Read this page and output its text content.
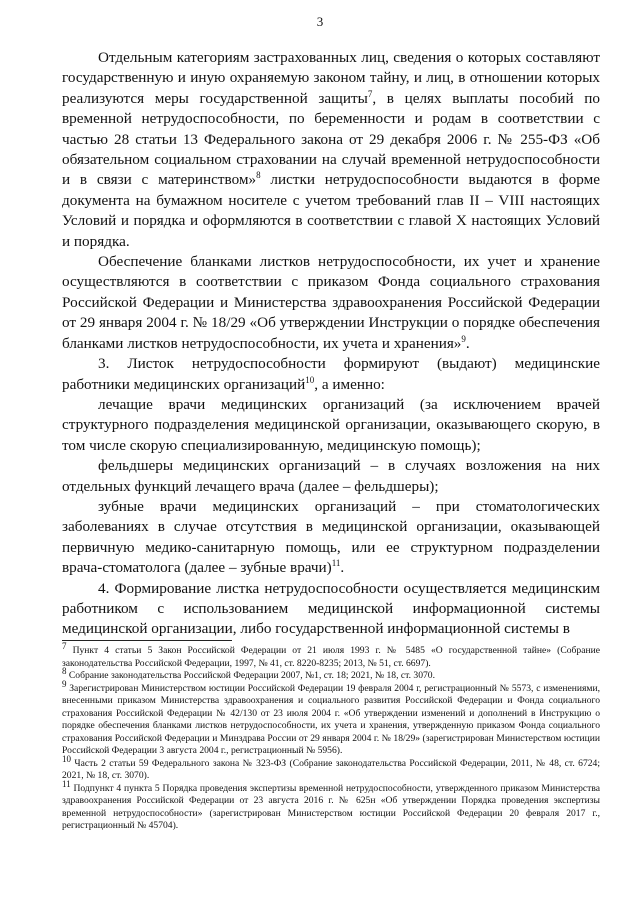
3

Отдельным категориям застрахованных лиц, сведения о которых составляют государственную и иную охраняемую законом тайну, и лиц, в отношении которых реализуются меры государственной защиты$^7$, в целях выплаты пособий по временной нетрудоспособности, по беременности и родам в соответствии с частью 28 статьи 13 Федерального закона от 29 декабря 2006 г. № 255-ФЗ «Об обязательном социальном страховании на случай временной нетрудоспособности и в связи с материнством»$^8$ листки нетрудоспособности выдаются в форме документа на бумажном носителе с учетом требований глав II – VIII настоящих Условий и порядка и оформляются в соответствии с главой X настоящих Условий и порядка.

Обеспечение бланками листков нетрудоспособности, их учет и хранение осуществляются в соответствии с приказом Фонда социального страхования Российской Федерации и Министерства здравоохранения Российской Федерации от 29 января 2004 г. № 18/29 «Об утверждении Инструкции о порядке обеспечения бланками листков нетрудоспособности, их учета и хранения»$^9$.

3. Листок нетрудоспособности формируют (выдают) медицинские работники медицинских организаций$^{10}$, а именно:

лечащие врачи медицинских организаций (за исключением врачей структурного подразделения медицинской организации, оказывающего скорую, в том числе скорую специализированную, медицинскую помощь);

фельдшеры медицинских организаций – в случаях возложения на них отдельных функций лечащего врача (далее – фельдшеры);

зубные врачи медицинских организаций – при стоматологических заболеваниях в случае отсутствия в медицинской организации, оказывающей первичную медико-санитарную помощь, или ее структурном подразделении врача-стоматолога (далее – зубные врачи)$^{11}$.

4. Формирование листка нетрудоспособности осуществляется медицинским работником с использованием медицинской информационной системы медицинской организации, либо государственной информационной системы в

$^7$ Пункт 4 статьи 5 Закон Российской Федерации от 21 июля 1993 г. № 5485 «О государственной тайне» (Собрание законодательства Российской Федерации, 1997, № 41, ст. 8220-8235; 2013, № 51, ст. 6697).

$^8$ Собрание законодательства Российской Федерации 2007, №1, ст. 18; 2021, № 18, ст. 3070.

$^9$ Зарегистрирован Министерством юстиции Российской Федерации 19 февраля 2004 г, регистрационный № 5573, с изменениями, внесенными приказом Министерства здравоохранения и социального развития Российской Федерации и Фонда социального страхования Российской Федерации № 42/130 от 23 июля 2004 г. «Об утверждении изменений и дополнений в Инструкцию о порядке обеспечения бланками листков нетрудоспособности, их учета и хранения, утвержденную приказом Фонда социального страхования Российской Федерации и Минздрава России от 29 января 2004 г. № 18/29» (зарегистрирован Министерством юстиции Российской Федерации 3 августа 2004 г., регистрационный № 5956).

$^{10}$ Часть 2 статьи 59 Федерального закона № 323-ФЗ (Собрание законодательства Российской Федерации, 2011, № 48, ст. 6724; 2021, № 18, ст. 3070).

$^{11}$ Подпункт 4 пункта 5 Порядка проведения экспертизы временной нетрудоспособности, утвержденного приказом Министерства здравоохранения Российской Федерации от 23 августа 2016 г. № 625н «Об утверждении Порядка проведения экспертизы временной нетрудоспособности» (зарегистрирован Министерством юстиции Российской Федерации 20 февраля 2017 г., регистрационный № 45704).
